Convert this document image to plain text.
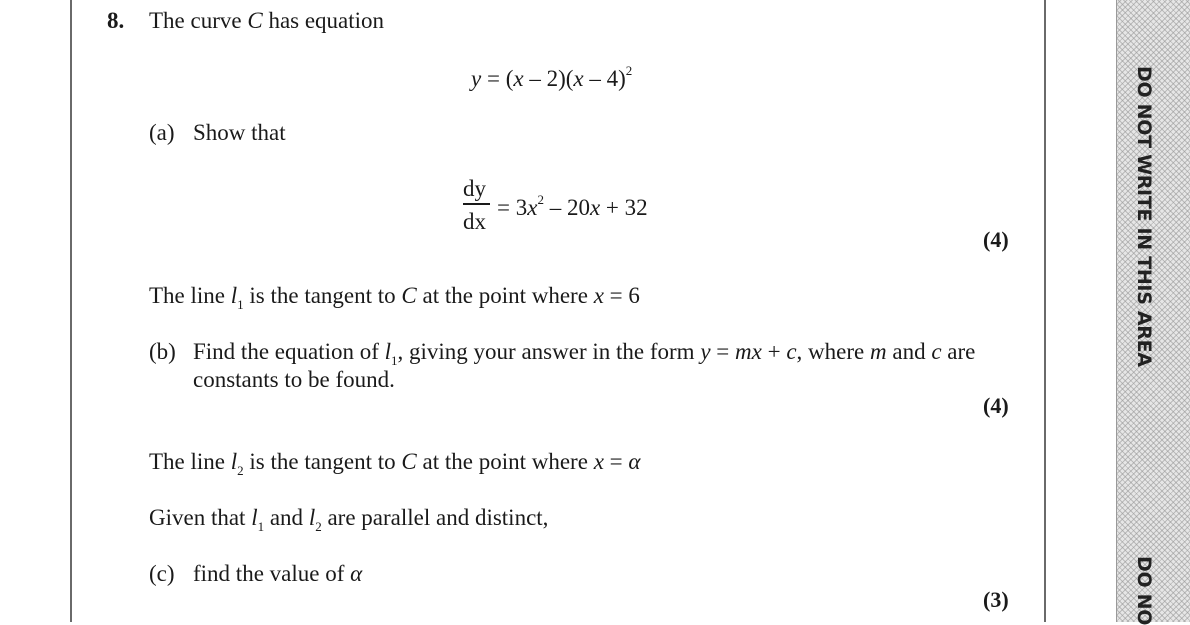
DO NOT WRITE IN THIS AREA
DO NO
8. The curve C has equation
y = (x – 2)(x – 4)$^2$
(a) Show that
dy
dx
= $3x^2 - 20x + 32$
(4)
The line $l_1$ is the tangent to C at the point where x = 6
(b) Find the equation of $l_1$, giving your answer in the form y = mx + c, where m and c are
constants to be found.
(4)
The line $l_2$ is the tangent to C at the point where x = α
Given that $l_1$ and $l_2$ are parallel and distinct,
(c) find the value of α
(3)
